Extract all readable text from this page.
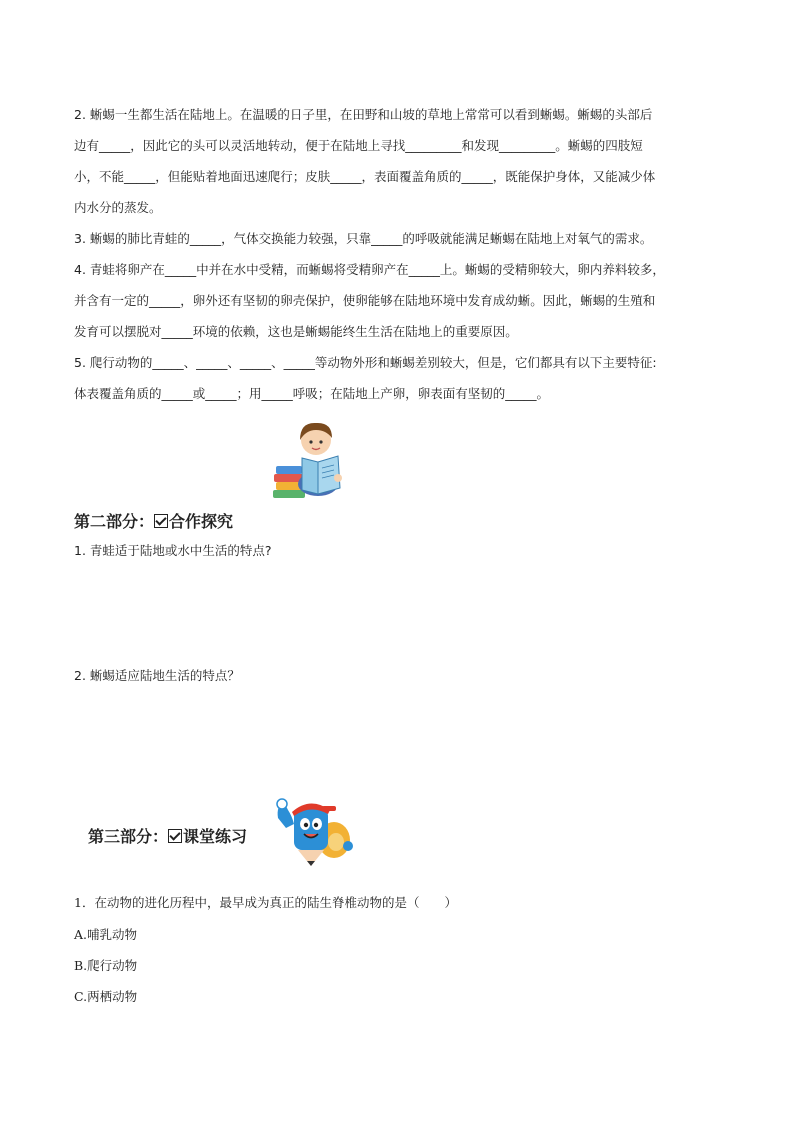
2. 蜥蜴一生都生活在陆地上。在温暖的日子里，在田野和山坡的草地上常常可以看到蜥蜴。蜥蜴的头部后

边有_____，因此它的头可以灵活地转动，便于在陆地上寻找_________和发现_________。蜥蜴的四肢短

小，不能_____，但能贴着地面迅速爬行；皮肤_____，表面覆盖角质的_____，既能保护身体，又能减少体

内水分的蒸发。

3. 蜥蜴的肺比青蛙的_____，气体交换能力较强，只靠_____的呼吸就能满足蜥蜴在陆地上对氧气的需求。

4. 青蛙将卵产在_____中并在水中受精，而蜥蜴将受精卵产在_____上。蜥蜴的受精卵较大，卵内养料较多，

并含有一定的_____，卵外还有坚韧的卵壳保护，使卵能够在陆地环境中发育成幼蜥。因此，蜥蜴的生殖和

发育可以摆脱对_____环境的依赖，这也是蜥蜴能终生生活在陆地上的重要原因。

5. 爬行动物的_____、_____、_____、_____等动物外形和蜥蜴差别较大，但是，它们都具有以下主要特征:

体表覆盖角质的_____或_____；用_____呼吸；在陆地上产卵，卵表面有坚韧的_____。

第二部分： 合作探究
1. 青蛙适于陆地或水中生活的特点?
2. 蜥蜴适应陆地生活的特点？
第三部分： 课堂练习
1．在动物的进化历程中，最早成为真正的陆生脊椎动物的是（　　）
A.哺乳动物
B.爬行动物
C.两栖动物
